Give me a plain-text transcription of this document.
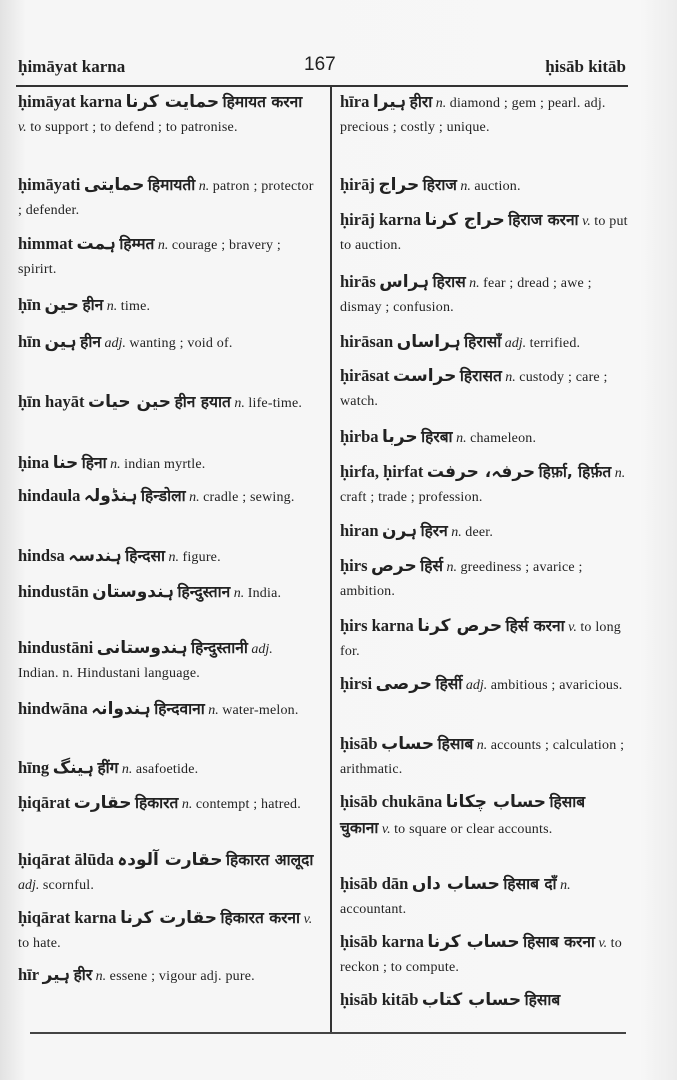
ḥimāyat karna	167	ḥisāb kitāb
ḥimāyat karna حمایت کرنا हिमायत करना v. to support ; to defend ; to patronise.
ḥimāyati حمایتی हिमायती n. patron ; protector ; defender.
himmat ہمت हिम्मत n. courage ; bravery ; spirirt.
ḥīn حین हीन n. time.
hīn ہین हीन adj. wanting ; void of.
ḥīn hayāt حین حیات हीन हयात n. life-time.
ḥina حنا हिना n. indian myrtle.
hindaula ہنڈولہ हिन्डोला n. cradle ; sewing.
hindsa ہندسہ हिन्दसा n. figure.
hindustān ہندوستان हिन्दुस्तान n. India.
hindustāni ہندوستانی हिन्दुस्तानी adj. Indian. n. Hindustani language.
hindwāna ہندوانہ हिन्दवाना n. water-melon.
hīng ہینگ हींग n. asafoetide.
ḥiqārat حقارت हिकारत n. contempt ; hatred.
ḥiqārat ālūda حقارت آلودہ हिकारत आलूदा adj. scornful.
ḥiqārat karna حقارت کرنا हिकारत करना v. to hate.
hīr ہیر हीर n. essene ; vigour adj. pure.
hīra ہیرا हीरा n. diamond ; gem ; pearl. adj. precious ; costly ; unique.
ḥirāj حراج हिराज n. auction.
ḥirāj karna حراج کرنا हिराज करना v. to put to auction.
hirās ہراس हिरास n. fear ; dread ; awe ; dismay ; confusion.
hirāsan ہراساں हिरासाँ adj. terrified.
ḥirāsat حراست हिरासत n. custody ; care ; watch.
ḥirba حربا हिरबा n. chameleon.
ḥirfa, ḥirfat حرفہ، حرفت हिर्फ़ा, हिर्फ़त n. craft ; trade ; profession.
hiran ہرن हिरन n. deer.
ḥirs حرص हिर्स n. greediness ; avarice ; ambition.
ḥirs karna حرص کرنا हिर्स करना v. to long for.
ḥirsi حرصی हिर्सी adj. ambitious ; avaricious.
ḥisāb حساب हिसाब n. accounts ; calculation ; arithmatic.
ḥisāb chukāna حساب چکانا हिसाब चुकाना v. to square or clear accounts.
ḥisāb dān حساب داں हिसाब दाँ n. accountant.
ḥisāb karna حساب کرنا हिसाब करना v. to reckon ; to compute.
ḥisāb kitāb حساب کتاب हिसाब
